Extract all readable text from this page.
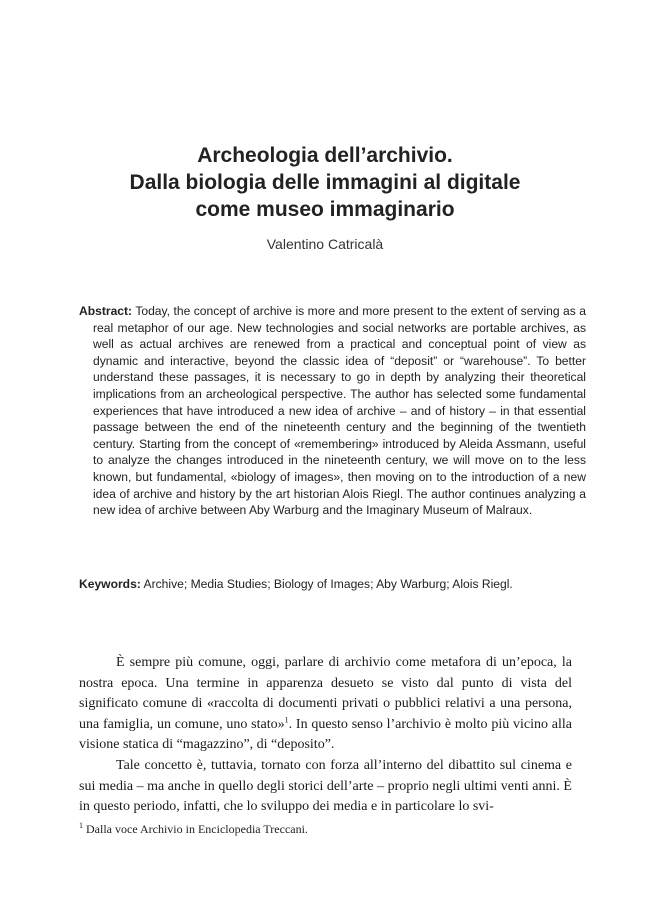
Archeologia dell’archivio.
Dalla biologia delle immagini al digitale
come museo immaginario
Valentino Catricalà
Abstract: Today, the concept of archive is more and more present to the extent of serving as a real metaphor of our age. New technologies and social networks are portable archives, as well as actual archives are renewed from a practical and conceptual point of view as dynamic and interactive, beyond the classic idea of “deposit” or “warehouse”. To better understand these passages, it is necessary to go in depth by analyzing their theoretical implications from an archeological perspective. The author has selected some fundamental experiences that have introduced a new idea of archive – and of history – in that essential passage between the end of the nineteenth century and the beginning of the twentieth century. Starting from the concept of «remembering» introduced by Aleida Assmann, useful to analyze the changes introduced in the nineteenth century, we will move on to the less known, but fundamental, «biology of images», then moving on to the introduction of a new idea of archive and history by the art historian Alois Riegl. The author continues analyzing a new idea of archive between Aby Warburg and the Imaginary Museum of Malraux.
Keywords: Archive; Media Studies; Biology of Images; Aby Warburg; Alois Riegl.

È sempre più comune, oggi, parlare di archivio come metafora di un’epoca, la nostra epoca. Una termine in apparenza desueto se visto dal punto di vista del significato comune di «raccolta di documenti privati o pubblici relativi a una persona, una famiglia, un comune, uno stato»$^1$. In questo senso l’archivio è molto più vicino alla visione statica di “magazzino”, di “deposito”.

Tale concetto è, tuttavia, tornato con forza all’interno del dibattito sul cinema e sui media – ma anche in quello degli storici dell’arte – proprio negli ultimi venti anni. È in questo periodo, infatti, che lo sviluppo dei media e in particolare lo svi-

$^1$ Dalla voce Archivio in Enciclopedia Treccani.
